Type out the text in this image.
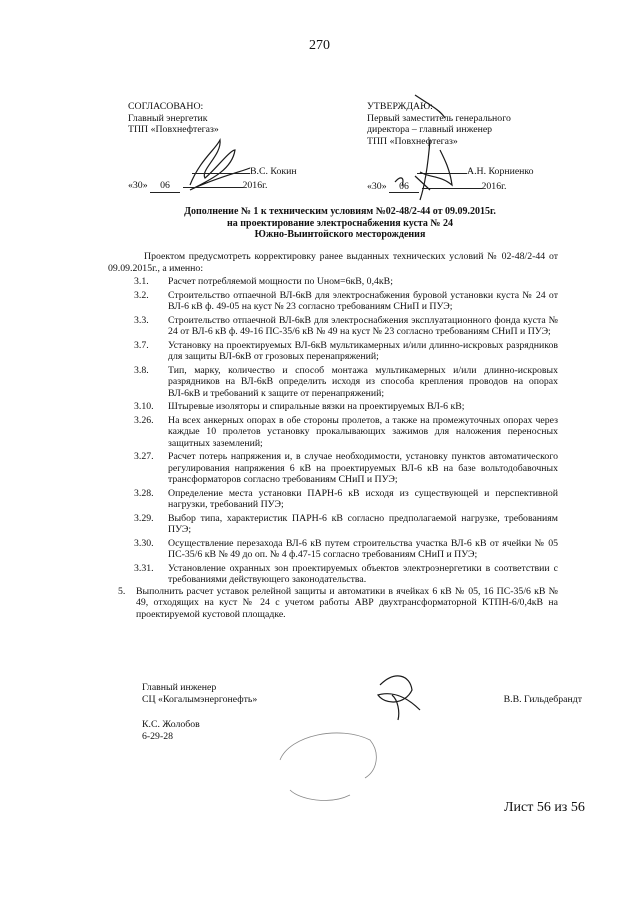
270
СОГЛАСОВАНО:
Главный энергетик
ТПП «Повхнефтегаз»
В.С. Кокин
«30» 06	2016г.
УТВЕРЖДАЮ:
Первый заместитель генерального
директора – главный инженер
ТПП «Повхнефтегаз»
А.Н. Корниенко
«30» 06	2016г.
Дополнение № 1 к техническим условиям №02-48/2-44 от 09.09.2015г.
на проектирование электроснабжения куста № 24
Южно-Выинтойского месторождения
Проектом предусмотреть корректировку ранее выданных технических условий № 02-48/2-44 от 09.09.2015г., а именно:
3.1.	Расчет потребляемой мощности по Uном=6кВ, 0,4кВ;
3.2.	Строительство отпаечной ВЛ-6кВ для электроснабжения буровой установки куста № 24 от ВЛ-6 кВ ф. 49-05 на куст № 23 согласно требованиям СНиП и ПУЭ;
3.3.	Строительство отпаечной ВЛ-6кВ для электроснабжения эксплуатационного фонда куста № 24 от ВЛ-6 кВ ф. 49-16 ПС-35/6 кВ № 49 на куст № 23 согласно требованиям СНиП и ПУЭ;
3.7.	Установку на проектируемых ВЛ-6кВ мультикамерных и/или длинно-искровых разрядников для защиты ВЛ-6кВ от грозовых перенапряжений;
3.8.	Тип, марку, количество и способ монтажа мультикамерных и/или длинно-искровых разрядников на ВЛ-6кВ определить исходя из способа крепления проводов на опорах ВЛ-6кВ и требований к защите от перенапряжений;
3.10.	Штыревые изоляторы и спиральные вязки на проектируемых ВЛ-6 кВ;
3.26.	На всех анкерных опорах в обе стороны пролетов, а также на промежуточных опорах через каждые 10 пролетов установку прокалывающих зажимов для наложения переносных защитных заземлений;
3.27.	Расчет потерь напряжения и, в случае необходимости, установку пунктов автоматического регулирования напряжения 6 кВ на проектируемых ВЛ-6 кВ на базе вольтодобавочных трансформаторов согласно требованиям СНиП и ПУЭ;
3.28.	Определение места установки ПАРН-6 кВ исходя из существующей и перспективной нагрузки, требований ПУЭ;
3.29.	Выбор типа, характеристик ПАРН-6 кВ согласно предполагаемой нагрузке, требованиям ПУЭ;
3.30.	Осуществление перезахода ВЛ-6 кВ путем строительства участка ВЛ-6 кВ от ячейки № 05 ПС-35/6 кВ № 49 до оп. № 4 ф.47-15 согласно требованиям СНиП и ПУЭ;
3.31.	Установление охранных зон проектируемых объектов электроэнергетики в соответствии с требованиями действующего законодательства.
5.	Выполнить расчет уставок релейной защиты и автоматики в ячейках 6 кВ № 05, 16 ПС-35/6 кВ № 49, отходящих на куст № 24 с учетом работы АВР двухтрансформаторной КТПН-6/0,4кВ на проектируемой кустовой площадке.
Главный инженер
СЦ «Когалымэнергонефть»	В.В. Гильдебрандт
К.С. Жолобов
6-29-28
Лист 56 из 56
